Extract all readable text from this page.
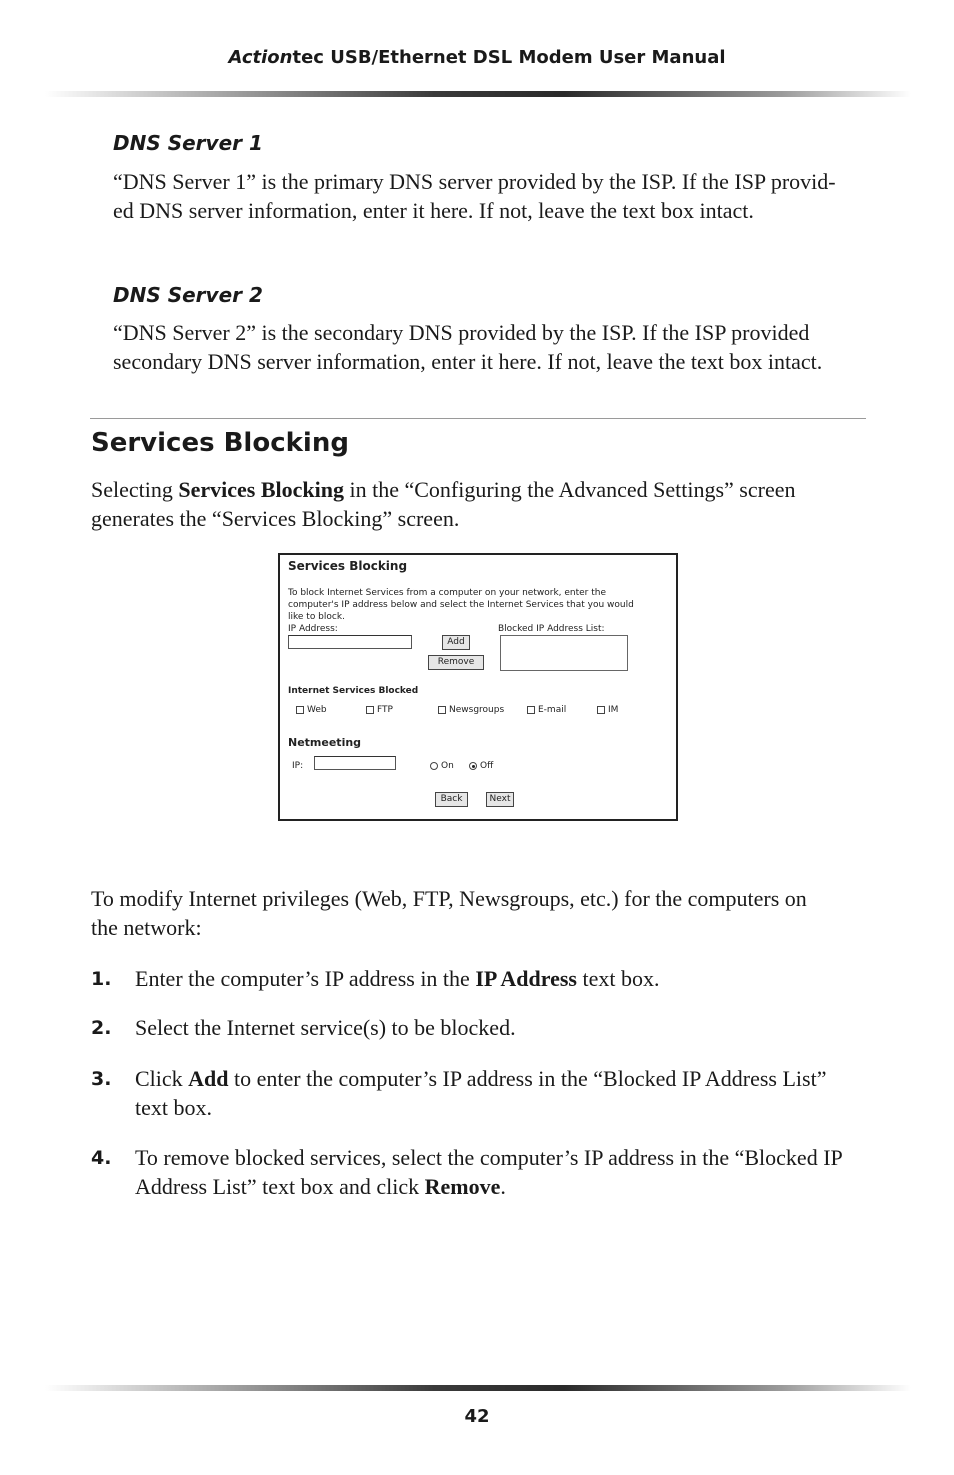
Actiontec USB/Ethernet DSL Modem User Manual
DNS Server 1
“DNS Server 1” is the primary DNS server provided by the ISP. If the ISP provid-
ed DNS server information, enter it here. If not, leave the text box intact.
DNS Server 2
“DNS Server 2” is the secondary DNS provided by the ISP. If the ISP provided
secondary DNS server information, enter it here. If not, leave the text box intact.
Services Blocking
Selecting Services Blocking in the “Configuring the Advanced Settings” screen
generates the “Services Blocking” screen.
Services Blocking
To block Internet Services from a computer on your network, enter the
computer's IP address below and select the Internet Services that you would
like to block.
IP Address:
Add
Remove
Blocked IP Address List:
Internet Services Blocked
Web	FTP	Newsgroups	E-mail	IM
Netmeeting
IP:	On	Off
Back	Next
To modify Internet privileges (Web, FTP, Newsgroups, etc.) for the computers on
the network:
1. Enter the computer’s IP address in the IP Address text box.
2. Select the Internet service(s) to be blocked.
3. Click Add to enter the computer’s IP address in the “Blocked IP Address List”
text box.
4. To remove blocked services, select the computer’s IP address in the “Blocked IP
Address List” text box and click Remove.
42
